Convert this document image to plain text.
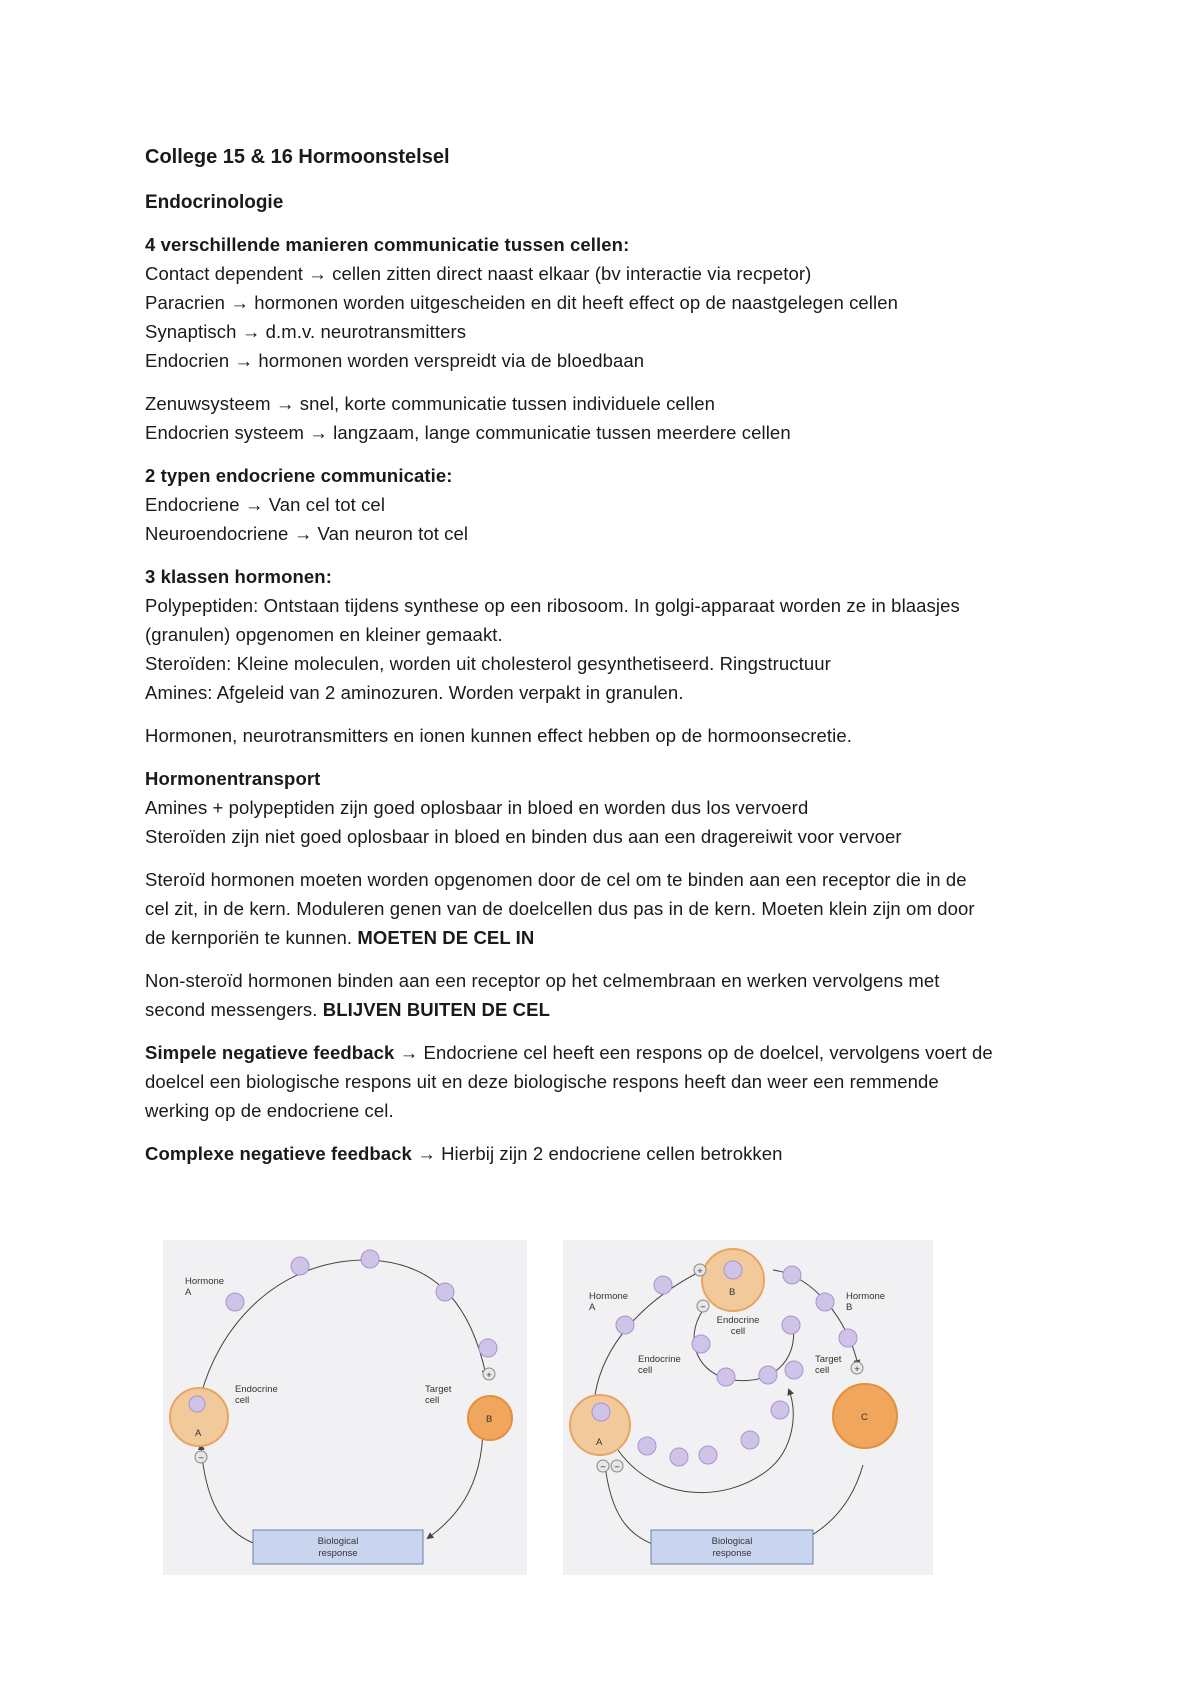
College 15 & 16 Hormoonstelsel

Endocrinologie

4 verschillende manieren communicatie tussen cellen:

Contact dependent → cellen zitten direct naast elkaar (bv interactie via recpetor)

Paracrien → hormonen worden uitgescheiden en dit heeft effect op de naastgelegen cellen

Synaptisch → d.m.v. neurotransmitters

Endocrien → hormonen worden verspreidt via de bloedbaan

Zenuwsysteem → snel, korte communicatie tussen individuele cellen

Endocrien systeem → langzaam, lange communicatie tussen meerdere cellen

2 typen endocriene communicatie:

Endocriene → Van cel tot cel

Neuroendocriene → Van neuron tot cel

3 klassen hormonen:

Polypeptiden: Ontstaan tijdens synthese op een ribosoom. In golgi-apparaat worden ze in blaasjes

(granulen) opgenomen en kleiner gemaakt.

Steroïden: Kleine moleculen, worden uit cholesterol gesynthetiseerd. Ringstructuur

Amines: Afgeleid van 2 aminozuren. Worden verpakt in granulen.

Hormonen, neurotransmitters en ionen kunnen effect hebben op de hormoonsecretie.

Hormonentransport

Amines + polypeptiden zijn goed oplosbaar in bloed en worden dus los vervoerd

Steroïden zijn niet goed oplosbaar in bloed en binden dus aan een dragereiwit voor vervoer

Steroïd hormonen moeten worden opgenomen door de cel om te binden aan een receptor die in de

cel zit, in de kern. Moduleren genen van de doelcellen dus pas in de kern. Moeten klein zijn om door

de kernporiën te kunnen. MOETEN DE CEL IN

Non-steroïd hormonen binden aan een receptor op het celmembraan en werken vervolgens met

second messengers. BLIJVEN BUITEN DE CEL

Simpele negatieve feedback → Endocriene cel heeft een respons op de doelcel, vervolgens voert de

doelcel een biologische respons uit en deze biologische respons heeft dan weer een remmende

werking op de endocriene cel.

Complexe negatieve feedback → Hierbij zijn 2 endocriene cellen betrokken

A
B
+
−
Hormone
A
Endocrine
cell
Target
cell
Biological
response
B
A
C
+
−
+
− −
Hormone
A
Hormone
B
Endocrine
cell
Endocrine
cell
Target
cell
Biological
response
